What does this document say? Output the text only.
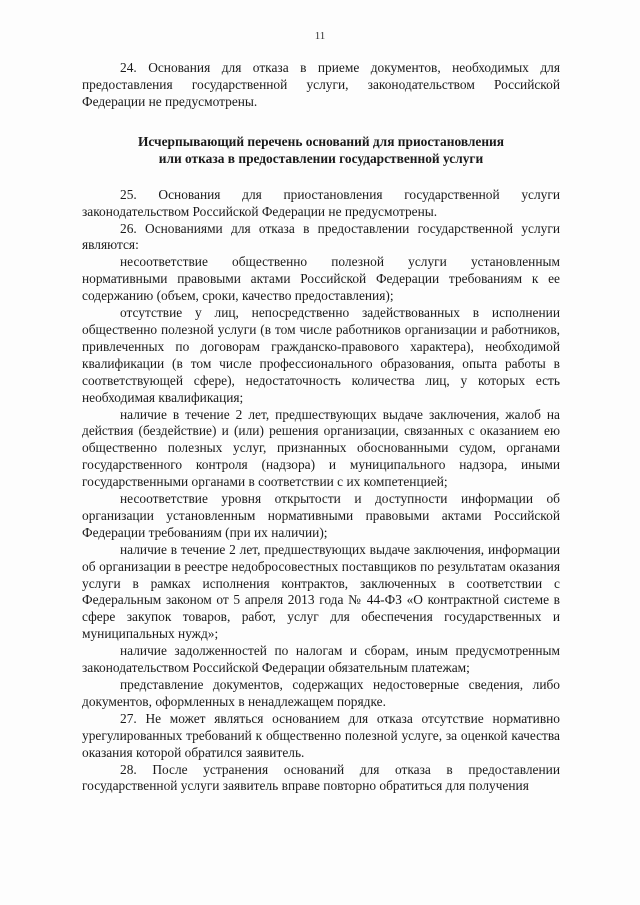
11

24. Основания для отказа в приеме документов, необходимых для предоставления государственной услуги, законодательством Российской Федерации не предусмотрены.

Исчерпывающий перечень оснований для приостановления
или отказа в предоставлении государственной услуги

25. Основания для приостановления государственной услуги законодательством Российской Федерации не предусмотрены.

26. Основаниями для отказа в предоставлении государственной услуги являются:

несоответствие общественно полезной услуги установленным нормативными правовыми актами Российской Федерации требованиям к ее содержанию (объем, сроки, качество предоставления);

отсутствие у лиц, непосредственно задействованных в исполнении общественно полезной услуги (в том числе работников организации и работников, привлеченных по договорам гражданско-правового характера), необходимой квалификации (в том числе профессионального образования, опыта работы в соответствующей сфере), недостаточность количества лиц, у которых есть необходимая квалификация;

наличие в течение 2 лет, предшествующих выдаче заключения, жалоб на действия (бездействие) и (или) решения организации, связанных с оказанием ею общественно полезных услуг, признанных обоснованными судом, органами государственного контроля (надзора) и муниципального надзора, иными государственными органами в соответствии с их компетенцией;

несоответствие уровня открытости и доступности информации об организации установленным нормативными правовыми актами Российской Федерации требованиям (при их наличии);

наличие в течение 2 лет, предшествующих выдаче заключения, информации об организации в реестре недобросовестных поставщиков по результатам оказания услуги в рамках исполнения контрактов, заключенных в соответствии с Федеральным законом от 5 апреля 2013 года № 44-ФЗ «О контрактной системе в сфере закупок товаров, работ, услуг для обеспечения государственных и муниципальных нужд»;

наличие задолженностей по налогам и сборам, иным предусмотренным законодательством Российской Федерации обязательным платежам;

представление документов, содержащих недостоверные сведения, либо документов, оформленных в ненадлежащем порядке.

27. Не может являться основанием для отказа отсутствие нормативно урегулированных требований к общественно полезной услуге, за оценкой качества оказания которой обратился заявитель.

28. После устранения оснований для отказа в предоставлении государственной услуги заявитель вправе повторно обратиться для получения
